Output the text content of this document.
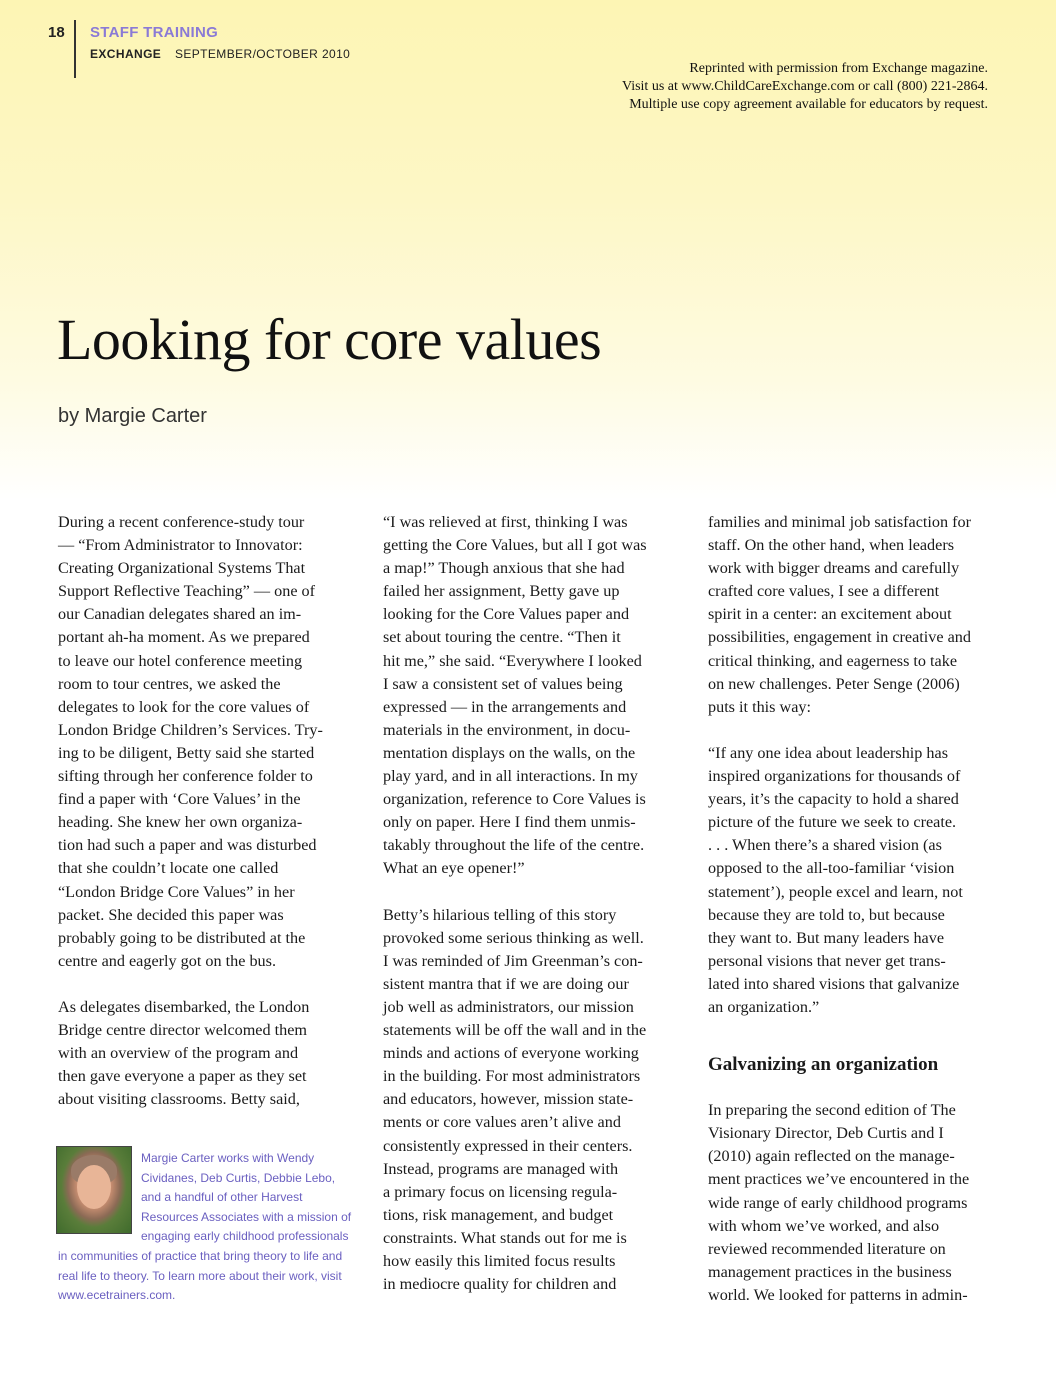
18 STAFF TRAINING
EXCHANGE SEPTEMBER/OCTOBER 2010
Reprinted with permission from Exchange magazine.
Visit us at www.ChildCareExchange.com or call (800) 221-2864.
Multiple use copy agreement available for educators by request.
Looking for core values
by Margie Carter

During a recent conference-study tour
— “From Administrator to Innovator:
Creating Organizational Systems That
Support Reflective Teaching” — one of
our Canadian delegates shared an im-
portant ah-ha moment. As we prepared
to leave our hotel conference meeting
room to tour centres, we asked the
delegates to look for the core values of
London Bridge Children’s Services. Try-
ing to be diligent, Betty said she started
sifting through her conference folder to
find a paper with ‘Core Values’ in the
heading. She knew her own organiza-
tion had such a paper and was disturbed
that she couldn’t locate one called
“London Bridge Core Values” in her
packet. She decided this paper was
probably going to be distributed at the
centre and eagerly got on the bus.

As delegates disembarked, the London
Bridge centre director welcomed them
with an overview of the program and
then gave everyone a paper as they set
about visiting classrooms. Betty said,

“I was relieved at first, thinking I was
getting the Core Values, but all I got was
a map!” Though anxious that she had
failed her assignment, Betty gave up
looking for the Core Values paper and
set about touring the centre. “Then it
hit me,” she said. “Everywhere I looked
I saw a consistent set of values being
expressed — in the arrangements and
materials in the environment, in docu-
mentation displays on the walls, on the
play yard, and in all interactions. In my
organization, reference to Core Values is
only on paper. Here I find them unmis-
takably throughout the life of the centre.
What an eye opener!”

Betty’s hilarious telling of this story
provoked some serious thinking as well.
I was reminded of Jim Greenman’s con-
sistent mantra that if we are doing our
job well as administrators, our mission
statements will be off the wall and in the
minds and actions of everyone working
in the building. For most administrators
and educators, however, mission state-
ments or core values aren’t alive and
consistently expressed in their centers.
Instead, programs are managed with
a primary focus on licensing regula-
tions, risk management, and budget
constraints. What stands out for me is
how easily this limited focus results
in mediocre quality for children and

families and minimal job satisfaction for
staff. On the other hand, when leaders
work with bigger dreams and carefully
crafted core values, I see a different
spirit in a center: an excitement about
possibilities, engagement in creative and
critical thinking, and eagerness to take
on new challenges. Peter Senge (2006)
puts it this way:

“If any one idea about leadership has
inspired organizations for thousands of
years, it’s the capacity to hold a shared
picture of the future we seek to create.
. . . When there’s a shared vision (as
opposed to the all-too-familiar ‘vision
statement’), people excel and learn, not
because they are told to, but because
they want to. But many leaders have
personal visions that never get trans-
lated into shared visions that galvanize
an organization.”

Galvanizing an organization

In preparing the second edition of The
Visionary Director, Deb Curtis and I
(2010) again reflected on the manage-
ment practices we’ve encountered in the
wide range of early childhood programs
with whom we’ve worked, and also
reviewed recommended literature on
management practices in the business
world. We looked for patterns in admin-

Margie Carter works with Wendy
Cividanes, Deb Curtis, Debbie Lebo,
and a handful of other Harvest
Resources Associates with a mission of
engaging early childhood professionals
in communities of practice that bring theory to life and
real life to theory. To learn more about their work, visit
www.ecetrainers.com.
